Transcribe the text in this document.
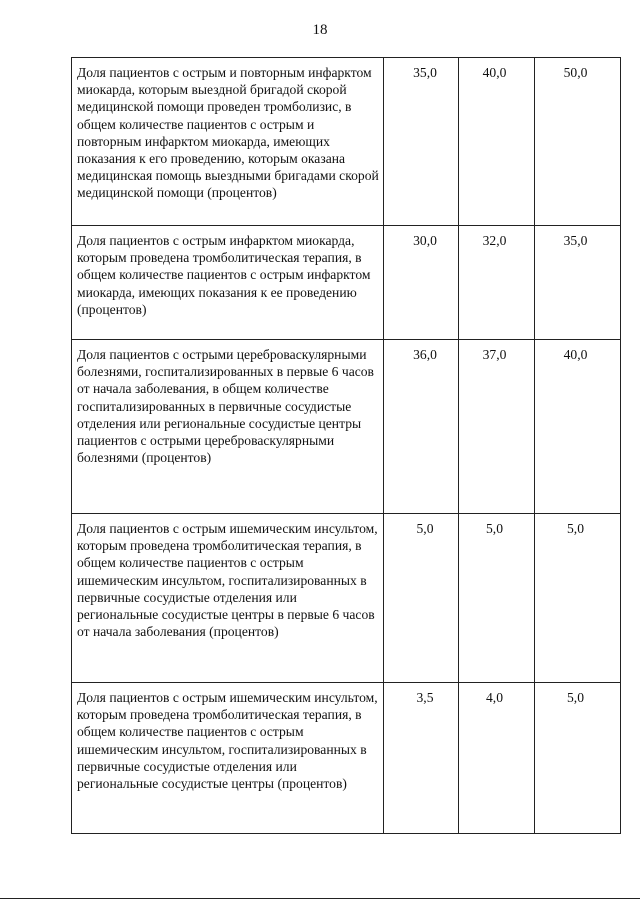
18
Доля пациентов с острым и повторным инфарктом миокарда, которым выездной бригадой скорой медицинской помощи проведен тромболизис, в общем количестве пациентов с острым и повторным инфарктом миокарда, имеющих показания к его проведению, которым оказана медицинская помощь выездными бригадами скорой медицинской помощи (процентов)	35,0	40,0	50,0
Доля пациентов с острым инфарктом миокарда, которым проведена тромболитическая терапия, в общем количестве пациентов с острым инфарктом миокарда, имеющих показания к ее проведению (процентов)	30,0	32,0	35,0
Доля пациентов с острыми цереброваскулярными болезнями, госпитализированных в первые 6 часов от начала заболевания, в общем количестве госпитализированных в первичные сосудистые отделения или региональные сосудистые центры пациентов с острыми цереброваскулярными болезнями (процентов)	36,0	37,0	40,0
Доля пациентов с острым ишемическим инсультом, которым проведена тромболитическая терапия, в общем количестве пациентов с острым ишемическим инсультом, госпитализированных в первичные сосудистые отделения или региональные сосудистые центры в первые 6 часов от начала заболевания (процентов)	5,0	5,0	5,0
Доля пациентов с острым ишемическим инсультом, которым проведена тромболитическая терапия, в общем количестве пациентов с острым ишемическим инсультом, госпитализированных в первичные сосудистые отделения или региональные сосудистые центры (процентов)	3,5	4,0	5,0
